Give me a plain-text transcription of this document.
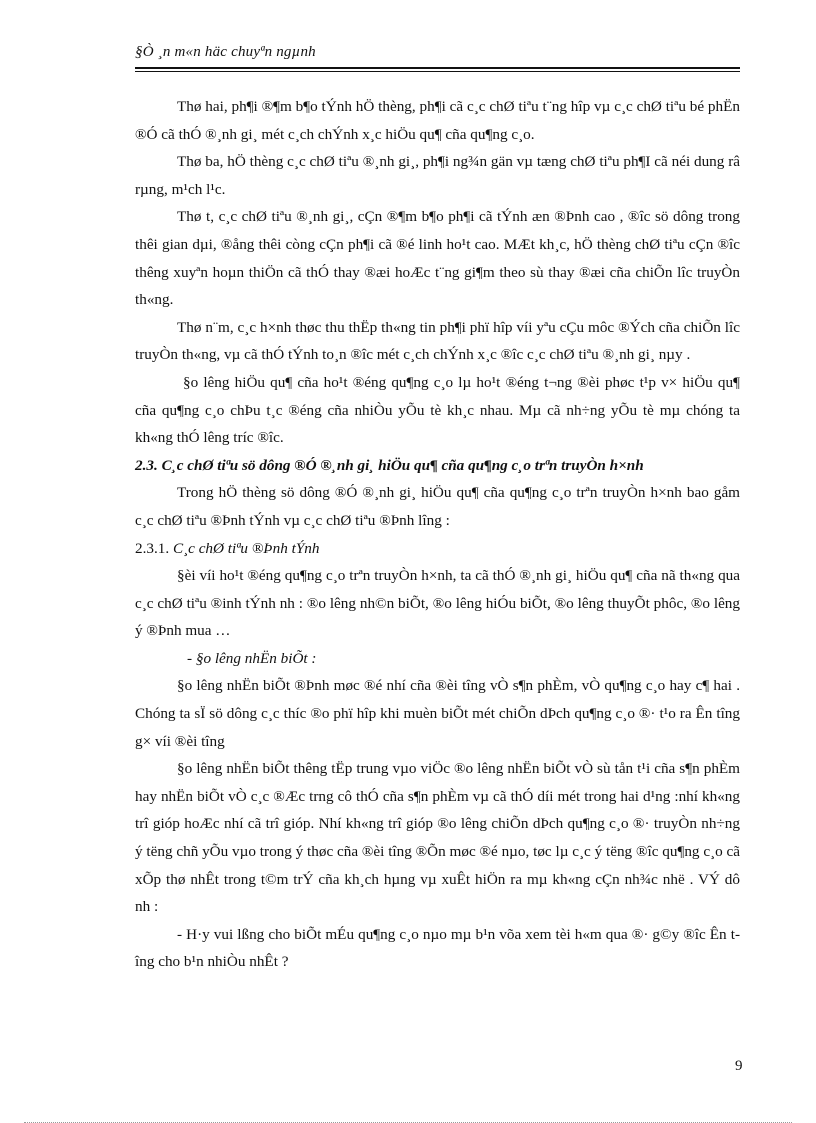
§Ò ¸n m«n häc chuyªn ngµnh

Thø hai, ph¶i ®¶m b¶o tÝnh hÖ thèng, ph¶i cã c¸c chØ tiªu t¨ng hîp vµ c¸c chØ tiªu bé phËn ®Ó cã thÓ ®¸nh gi¸ mét c¸ch chÝnh x¸c hiÖu qu¶ cña qu¶ng c¸o.

Thø ba, hÖ thèng c¸c chØ tiªu ®¸nh gi¸, ph¶i ng¾n gän vµ tæng chØ tiªu ph¶I cã néi dung râ rµng, m¹ch l¹c.

Thø t, c¸c chØ tiªu ®¸nh gi¸, cÇn ®¶m b¶o ph¶i cã tÝnh æn ®Þnh cao , ®îc sö dông trong thêi gian dµi, ®ång thêi còng cÇn ph¶i cã ®é linh ho¹t cao. MÆt kh¸c, hÖ thèng chØ tiªu cÇn ®îc thêng xuyªn hoµn thiÖn cã thÓ thay ®æi hoÆc t¨ng gi¶m theo sù thay ®æi cña chiÕn lîc truyÒn th«ng.

Thø n¨m, c¸c h×nh thøc thu thËp th«ng tin ph¶i phï hîp víi yªu cÇu môc ®Ých cña chiÕn lîc truyÒn th«ng, vµ cã thÓ tÝnh to¸n ®îc mét c¸ch chÝnh x¸c ®îc c¸c chØ tiªu ®¸nh gi¸ nµy .

§o lêng hiÖu qu¶ cña ho¹t ®éng qu¶ng c¸o lµ ho¹t ®éng t¬ng ®èi phøc t¹p v× hiÖu qu¶ cña qu¶ng c¸o chÞu t¸c ®éng cña nhiÒu yÕu tè kh¸c nhau. Mµ cã nh÷ng yÕu tè mµ chóng ta kh«ng thÓ lêng tríc ®îc.

2.3. C¸c chØ tiªu sö dông ®Ó ®¸nh gi¸ hiÖu qu¶ cña qu¶ng c¸o trªn truyÒn h×nh

Trong hÖ thèng sö dông ®Ó ®¸nh gi¸ hiÖu qu¶ cña qu¶ng c¸o trªn truyÒn h×nh bao gåm c¸c chØ tiªu ®Þnh tÝnh vµ c¸c chØ tiªu ®Þnh lîng :

2.3.1. C¸c chØ tiªu ®Þnh tÝnh

§èi víi ho¹t ®éng qu¶ng c¸o trªn truyÒn h×nh, ta cã thÓ ®¸nh gi¸ hiÖu qu¶ cña nã th«ng qua c¸c chØ tiªu ®inh tÝnh nh : ®o lêng nh©n biÕt, ®o lêng hiÓu biÕt, ®o lêng thuyÕt phôc, ®o lêng ý ®Þnh mua …

- §o lêng nhËn biÕt :

§o lêng nhËn biÕt ®Þnh møc ®é nhí cña ®èi tîng vÒ s¶n phÈm, vÒ qu¶ng c¸o hay c¶ hai . Chóng ta sÏ sö dông c¸c thíc ®o phï hîp khi muèn biÕt mét chiÕn dÞch qu¶ng c¸o ®· t¹o ra Ên tîng g× víi ®èi tîng

§o lêng nhËn biÕt thêng tËp trung vµo viÖc ®o lêng nhËn biÕt vÒ sù tån t¹i cña s¶n phÈm hay nhËn biÕt vÒ c¸c ®Æc trng cô thÓ cña s¶n phÈm vµ cã thÓ díi mét trong hai d¹ng :nhí kh«ng trî gióp hoÆc nhí cã trî gióp. Nhí kh«ng trî gióp ®o lêng chiÕn dÞch qu¶ng c¸o ®· truyÒn nh÷ng ý tëng chñ yÕu vµo trong ý thøc cña ®èi tîng ®Õn møc ®é nµo, tøc lµ c¸c ý tëng ®îc qu¶ng c¸o cã xÕp thø nhÊt trong t©m trÝ cña kh¸ch hµng vµ xuÊt hiÖn ra mµ kh«ng cÇn nh¾c nhë . VÝ dô nh :

- H·y vui lßng cho biÕt mÉu qu¶ng c¸o nµo mµ b¹n võa xem tèi h«m qua ®· g©y ®îc Ên tîng cho b¹n nhiÒu nhÊt ?

9
